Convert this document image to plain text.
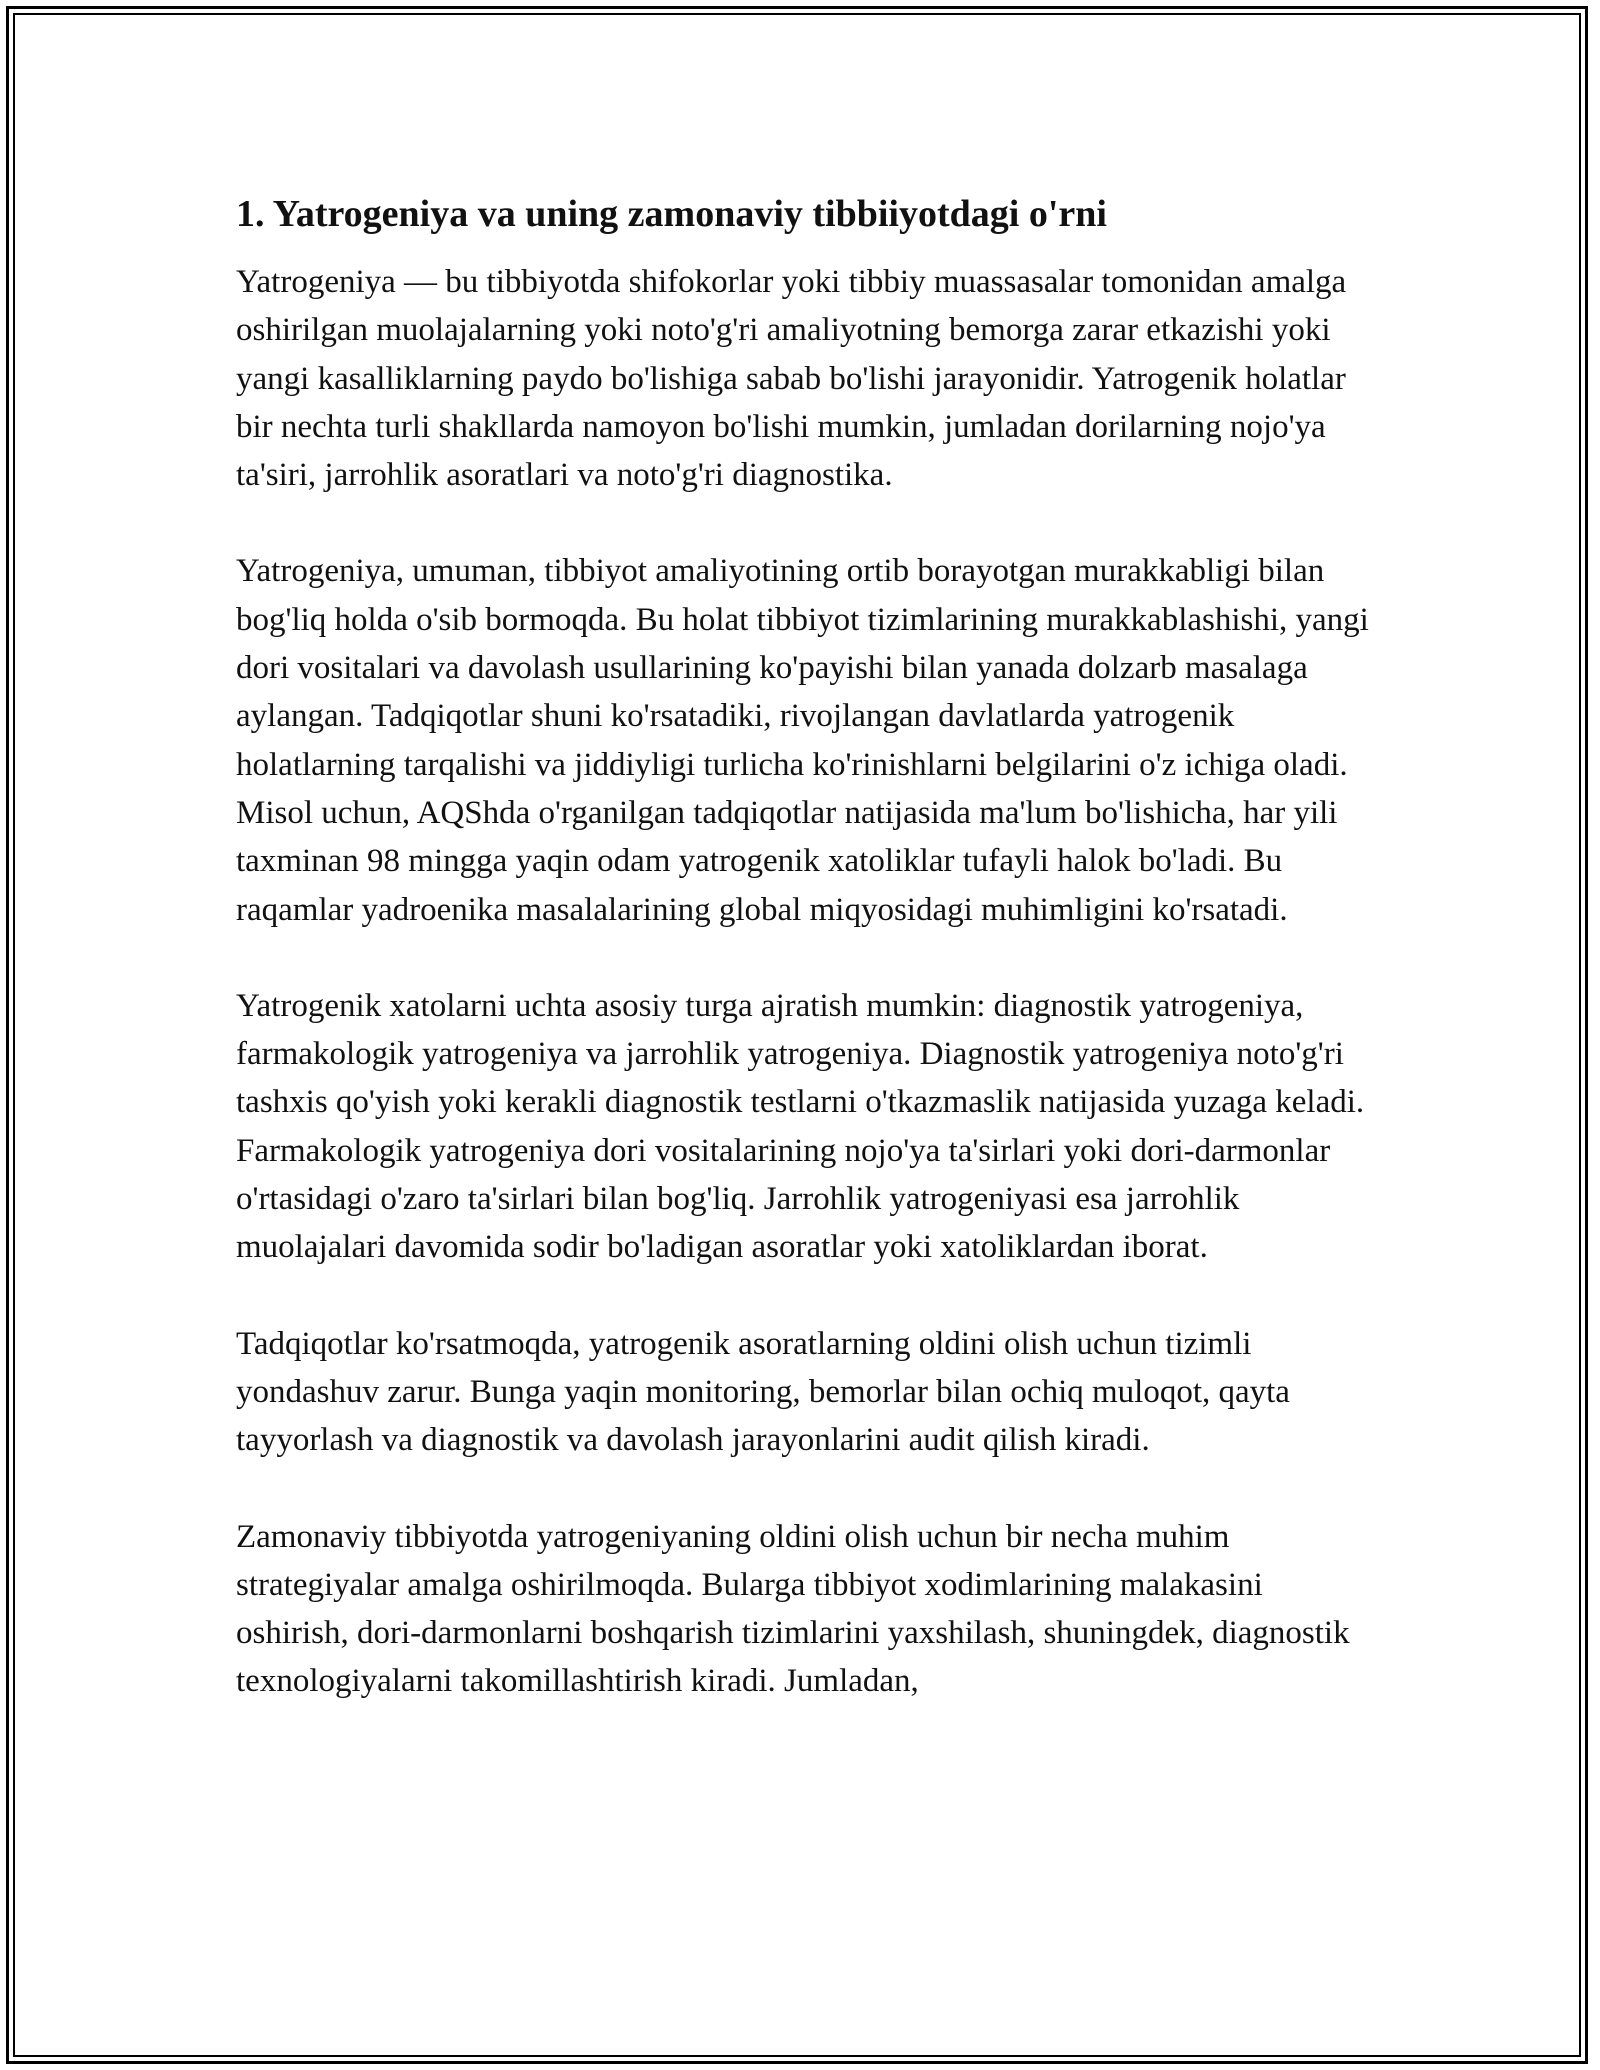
1. Yatrogeniya va uning zamonaviy tibbiiyotdagi o'rni

Yatrogeniya — bu tibbiyotda shifokorlar yoki tibbiy muassasalar tomonidan amalga oshirilgan muolajalarning yoki noto'g'ri amaliyotning bemorga zarar etkazishi yoki yangi kasalliklarning paydo bo'lishiga sabab bo'lishi jarayonidir. Yatrogenik holatlar bir nechta turli shakllarda namoyon bo'lishi mumkin, jumladan dorilarning nojo'ya ta'siri, jarrohlik asoratlari va noto'g'ri diagnostika.

Yatrogeniya, umuman, tibbiyot amaliyotining ortib borayotgan murakkabligi bilan bog'liq holda o'sib bormoqda. Bu holat tibbiyot tizimlarining murakkablashishi, yangi dori vositalari va davolash usullarining ko'payishi bilan yanada dolzarb masalaga aylangan. Tadqiqotlar shuni ko'rsatadiki, rivojlangan davlatlarda yatrogenik holatlarning tarqalishi va jiddiyligi turlicha ko'rinishlarni belgilarini o'z ichiga oladi. Misol uchun, AQShda o'rganilgan tadqiqotlar natijasida ma'lum bo'lishicha, har yili taxminan 98 mingga yaqin odam yatrogenik xatoliklar tufayli halok bo'ladi. Bu raqamlar yadroenika masalalarining global miqyosidagi muhimligini ko'rsatadi.

Yatrogenik xatolarni uchta asosiy turga ajratish mumkin: diagnostik yatrogeniya, farmakologik yatrogeniya va jarrohlik yatrogeniya. Diagnostik yatrogeniya noto'g'ri tashxis qo'yish yoki kerakli diagnostik testlarni o'tkazmaslik natijasida yuzaga keladi. Farmakologik yatrogeniya dori vositalarining nojo'ya ta'sirlari yoki dori-darmonlar o'rtasidagi o'zaro ta'sirlari bilan bog'liq. Jarrohlik yatrogeniyasi esa jarrohlik muolajalari davomida sodir bo'ladigan asoratlar yoki xatoliklardan iborat.

Tadqiqotlar ko'rsatmoqda, yatrogenik asoratlarning oldini olish uchun tizimli yondashuv zarur. Bunga yaqin monitoring, bemorlar bilan ochiq muloqot, qayta tayyorlash va diagnostik va davolash jarayonlarini audit qilish kiradi.

Zamonaviy tibbiyotda yatrogeniyaning oldini olish uchun bir necha muhim strategiyalar amalga oshirilmoqda. Bularga tibbiyot xodimlarining malakasini oshirish, dori-darmonlarni boshqarish tizimlarini yaxshilash, shuningdek, diagnostik texnologiyalarni takomillashtirish kiradi. Jumladan,
